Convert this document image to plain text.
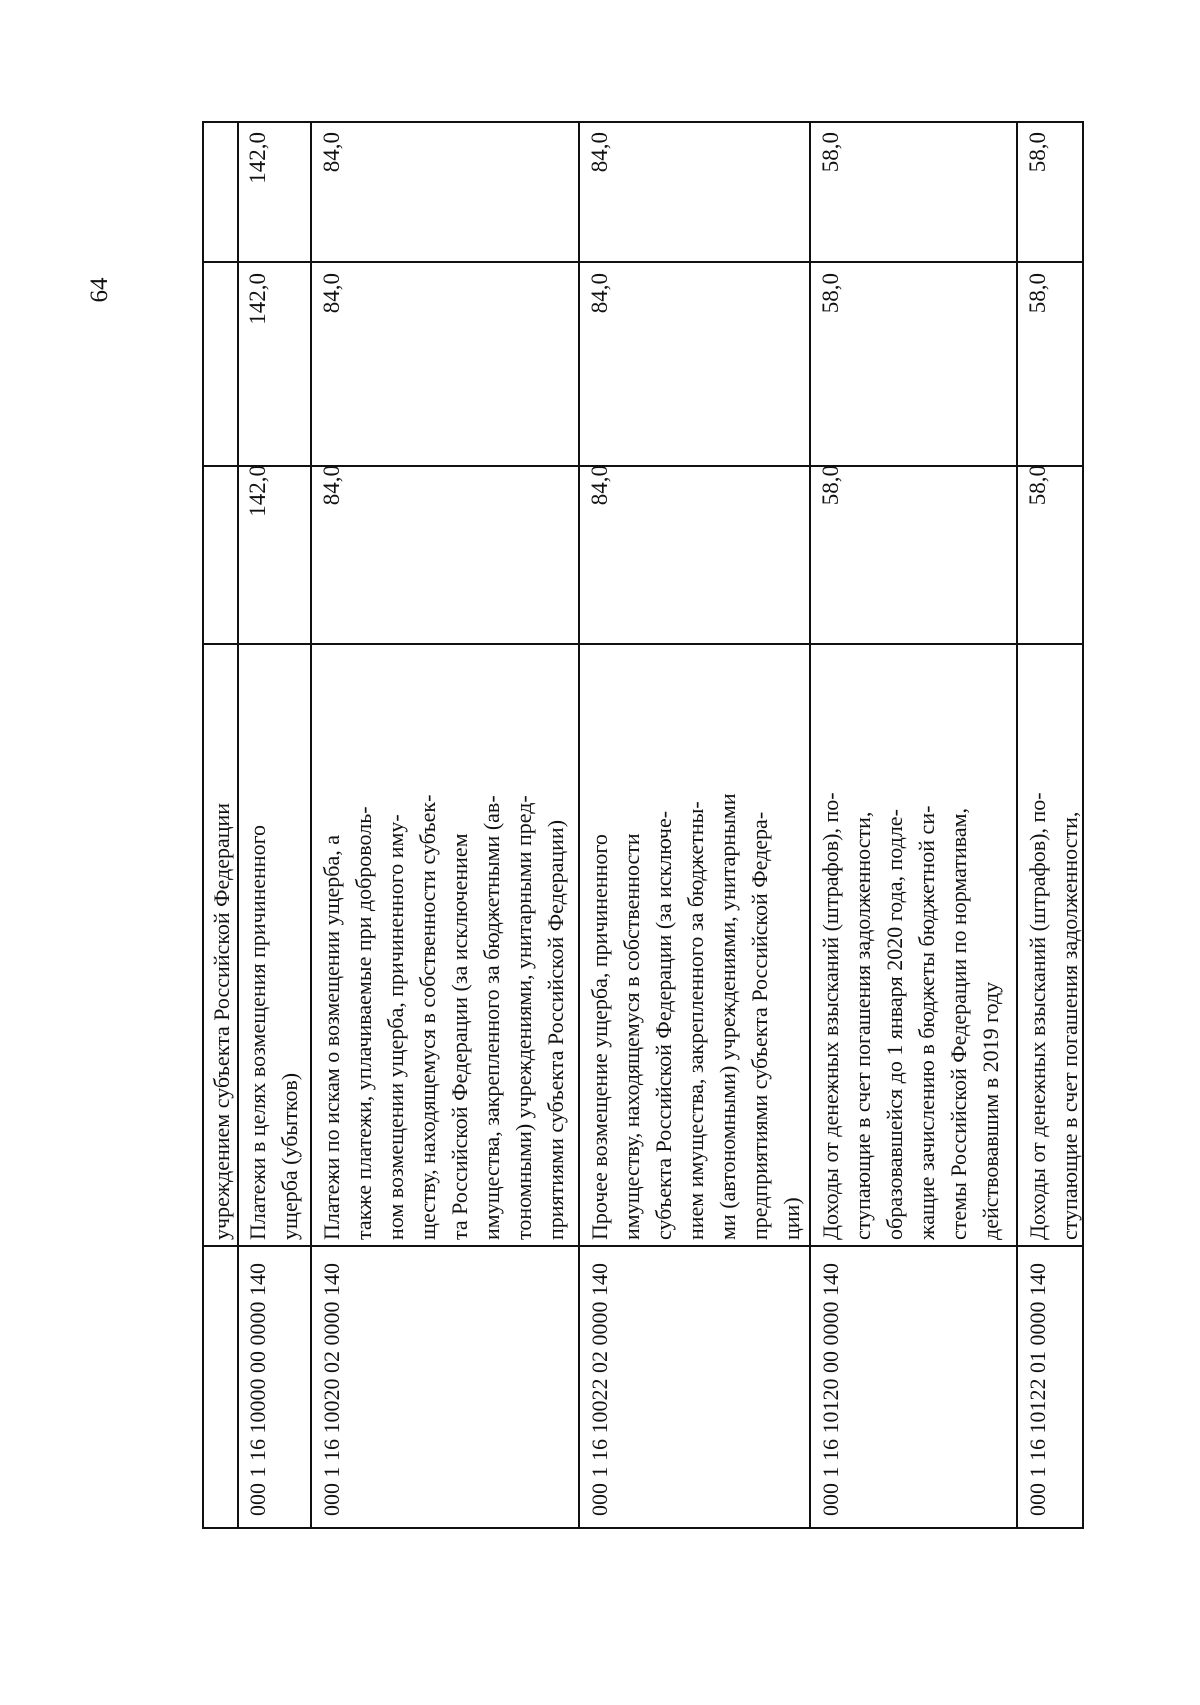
64
учреждением субъекта Российской Федерации
000 1 16 10000 00 0000 140
Платежи в целях возмещения причиненного ущерба (убытков)
142,0
142,0
142,0
000 1 16 10020 02 0000 140
Платежи по искам о возмещении ущерба, а также платежи, уплачиваемые при доброволь- ном возмещении ущерба, причиненного иму- ществу, находящемуся в собственности субъек- та Российской Федерации (за исключением имущества, закрепленного за бюджетными (ав- тономными) учреждениями, унитарными пред- приятиями субъекта Российской Федерации)
84,0
84,0
84,0
000 1 16 10022 02 0000 140
Прочее возмещение ущерба, причиненного имуществу, находящемуся в собственности субъекта Российской Федерации (за исключе- нием имущества, закрепленного за бюджетны- ми (автономными) учреждениями, унитарными предприятиями субъекта Российской Федера- ции)
84,0
84,0
84,0
000 1 16 10120 00 0000 140
Доходы от денежных взысканий (штрафов), по- ступающие в счет погашения задолженности, образовавшейся до 1 января 2020 года, подле- жащие зачислению в бюджеты бюджетной си- стемы Российской Федерации по нормативам, действовавшим в 2019 году
58,0
58,0
58,0
000 1 16 10122 01 0000 140
Доходы от денежных взысканий (штрафов), по- ступающие в счет погашения задолженности,
58,0
58,0
58,0
